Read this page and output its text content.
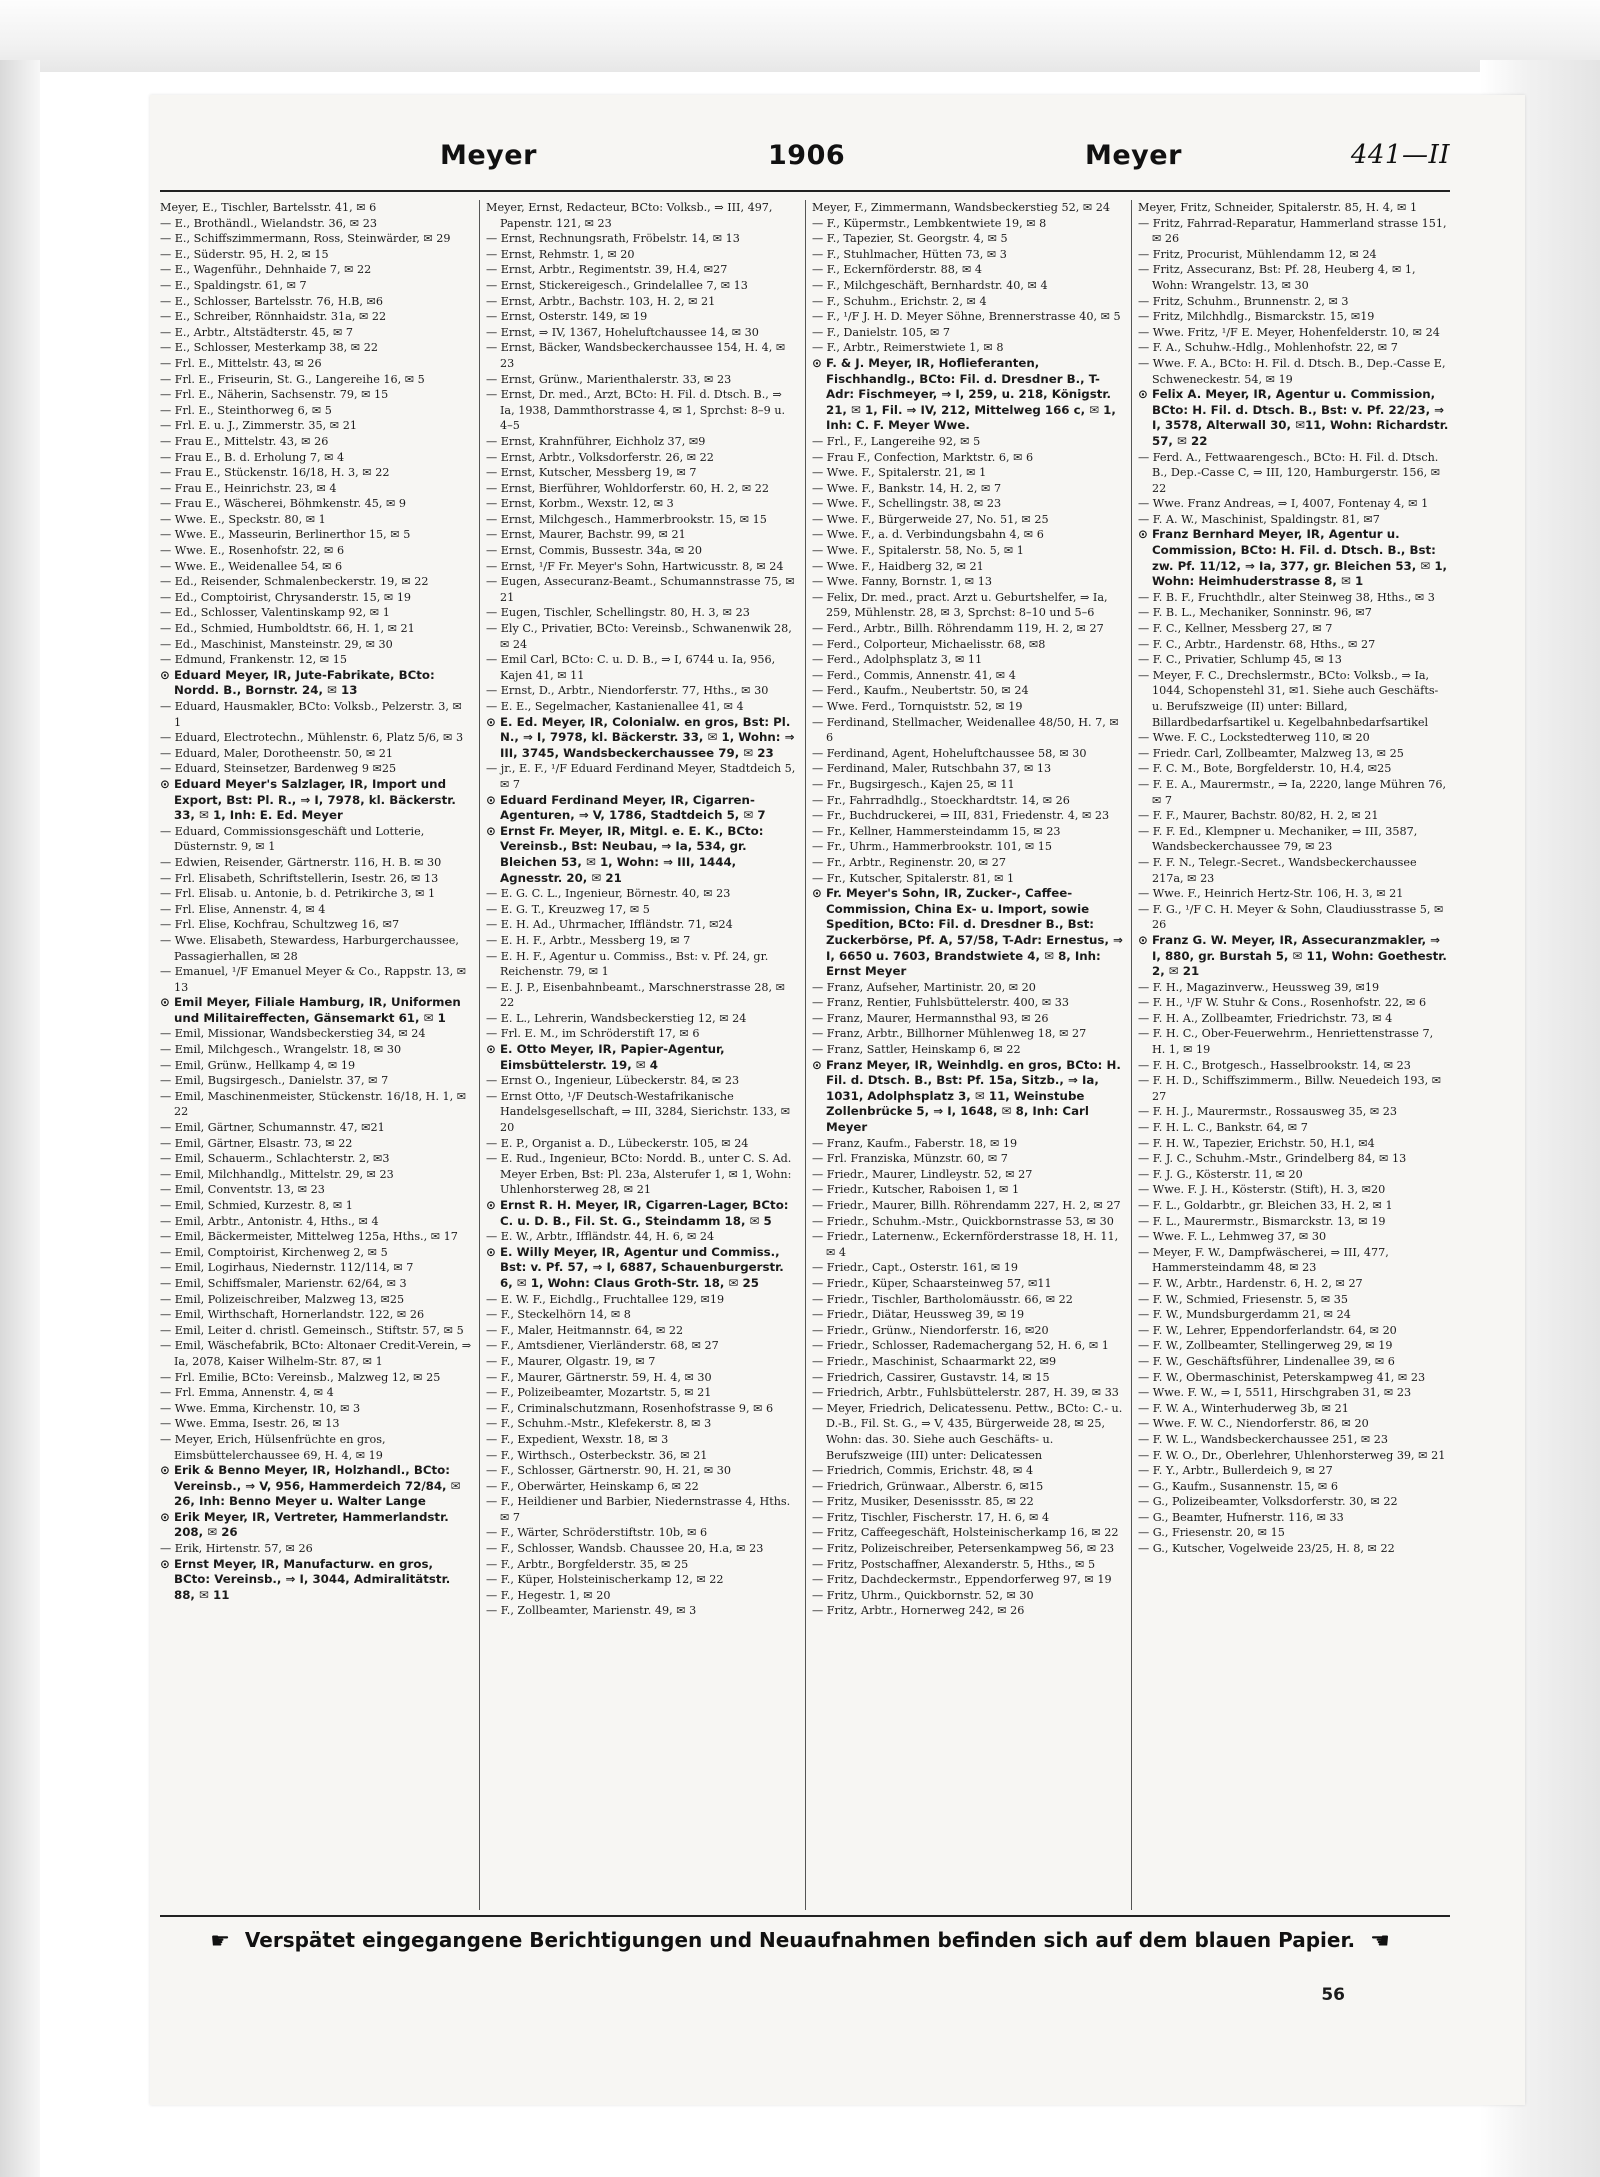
Meyer	1906	Meyer	441—II

Meyer, E., Tischler, Bartelsstr. 41, ✉ 6

— E., Brothändl., Wielandstr. 36, ✉ 23

— E., Schiffszimmermann, Ross, Steinwärder, ✉ 29

— E., Süderstr. 95, H. 2, ✉ 15

— E., Wagenführ., Dehnhaide 7, ✉ 22

— E., Spaldingstr. 61, ✉ 7

— E., Schlosser, Bartelsstr. 76, H.B, ✉6

— E., Schreiber, Rönnhaidstr. 31a, ✉ 22

— E., Arbtr., Altstädterstr. 45, ✉ 7

— E., Schlosser, Mesterkamp 38, ✉ 22

— Frl. E., Mittelstr. 43, ✉ 26

— Frl. E., Friseurin, St. G., Langereihe 16, ✉ 5

— Frl. E., Näherin, Sachsenstr. 79, ✉ 15

— Frl. E., Steinthorweg 6, ✉ 5

— Frl. E. u. J., Zimmerstr. 35, ✉ 21

— Frau E., Mittelstr. 43, ✉ 26

— Frau E., B. d. Erholung 7, ✉ 4

— Frau E., Stückenstr. 16/18, H. 3, ✉ 22

— Frau E., Heinrichstr. 23, ✉ 4

— Frau E., Wäscherei, Böhmkenstr. 45, ✉ 9

— Wwe. E., Speckstr. 80, ✉ 1

— Wwe. E., Masseurin, Berlinerthor 15, ✉ 5

— Wwe. E., Rosenhofstr. 22, ✉ 6

— Wwe. E., Weidenallee 54, ✉ 6

— Ed., Reisender, Schmalenbeckerstr. 19, ✉ 22

— Ed., Comptoirist, Chrysanderstr. 15, ✉ 19

— Ed., Schlosser, Valentinskamp 92, ✉ 1

— Ed., Schmied, Humboldtstr. 66, H. 1, ✉ 21

— Ed., Maschinist, Mansteinstr. 29, ✉ 30

— Edmund, Frankenstr. 12, ✉ 15

⊙ Eduard Meyer, IR, Jute-Fabrikate, BCto: Nordd. B., Bornstr. 24, ✉ 13

— Eduard, Hausmakler, BCto: Volksb., Pelzerstr. 3, ✉ 1

— Eduard, Electrotechn., Mühlenstr. 6, Platz 5/6, ✉ 3

— Eduard, Maler, Dorotheenstr. 50, ✉ 21

— Eduard, Steinsetzer, Bardenweg 9 ✉25

⊙ Eduard Meyer's Salzlager, IR, Import und Export, Bst: Pl. R., ⇒ I, 7978, kl. Bäckerstr. 33, ✉ 1, Inh: E. Ed. Meyer

— Eduard, Commissionsgeschäft und Lotterie, Düsternstr. 9, ✉ 1

— Edwien, Reisender, Gärtnerstr. 116, H. B. ✉ 30

— Frl. Elisabeth, Schriftstellerin, Isestr. 26, ✉ 13

— Frl. Elisab. u. Antonie, b. d. Petrikirche 3, ✉ 1

— Frl. Elise, Annenstr. 4, ✉ 4

— Frl. Elise, Kochfrau, Schultzweg 16, ✉7

— Wwe. Elisabeth, Stewardess, Harburgerchaussee, Passagierhallen, ✉ 28

— Emanuel, ¹/F Emanuel Meyer & Co., Rappstr. 13, ✉ 13

⊙ Emil Meyer, Filiale Hamburg, IR, Uniformen und Militaireffecten, Gänsemarkt 61, ✉ 1

— Emil, Missionar, Wandsbeckerstieg 34, ✉ 24

— Emil, Milchgesch., Wrangelstr. 18, ✉ 30

— Emil, Grünw., Hellkamp 4, ✉ 19

— Emil, Bugsirgesch., Danielstr. 37, ✉ 7

— Emil, Maschinenmeister, Stückenstr. 16/18, H. 1, ✉ 22

— Emil, Gärtner, Schumannstr. 47, ✉21

— Emil, Gärtner, Elsastr. 73, ✉ 22

— Emil, Schauerm., Schlachterstr. 2, ✉3

— Emil, Milchhandlg., Mittelstr. 29, ✉ 23

— Emil, Conventstr. 13, ✉ 23

— Emil, Schmied, Kurzestr. 8, ✉ 1

— Emil, Arbtr., Antonistr. 4, Hths., ✉ 4

— Emil, Bäckermeister, Mittelweg 125a, Hths., ✉ 17

— Emil, Comptoirist, Kirchenweg 2, ✉ 5

— Emil, Logirhaus, Niedernstr. 112/114, ✉ 7

— Emil, Schiffsmaler, Marienstr. 62/64, ✉ 3

— Emil, Polizeischreiber, Malzweg 13, ✉25

— Emil, Wirthschaft, Hornerlandstr. 122, ✉ 26

— Emil, Leiter d. christl. Gemeinsch., Stiftstr. 57, ✉ 5

— Emil, Wäschefabrik, BCto: Altonaer Credit-Verein, ⇒ Ia, 2078, Kaiser Wilhelm-Str. 87, ✉ 1

— Frl. Emilie, BCto: Vereinsb., Malzweg 12, ✉ 25

— Frl. Emma, Annenstr. 4, ✉ 4

— Wwe. Emma, Kirchenstr. 10, ✉ 3

— Wwe. Emma, Isestr. 26, ✉ 13

— Meyer, Erich, Hülsenfrüchte en gros, Eimsbüttelerchaussee 69, H. 4, ✉ 19

⊙ Erik & Benno Meyer, IR, Holzhandl., BCto: Vereinsb., ⇒ V, 956, Hammerdeich 72/84, ✉ 26, Inh: Benno Meyer u. Walter Lange

⊙ Erik Meyer, IR, Vertreter, Hammerlandstr. 208, ✉ 26

— Erik, Hirtenstr. 57, ✉ 26

⊙ Ernst Meyer, IR, Manufacturw. en gros, BCto: Vereinsb., ⇒ I, 3044, Admiralitätstr. 88, ✉ 11

Meyer, Ernst, Redacteur, BCto: Volksb., ⇒ III, 497, Papenstr. 121, ✉ 23

— Ernst, Rechnungsrath, Fröbelstr. 14, ✉ 13

— Ernst, Rehmstr. 1, ✉ 20

— Ernst, Arbtr., Regimentstr. 39, H.4, ✉27

— Ernst, Stickereigesch., Grindelallee 7, ✉ 13

— Ernst, Arbtr., Bachstr. 103, H. 2, ✉ 21

— Ernst, Osterstr. 149, ✉ 19

— Ernst, ⇒ IV, 1367, Hoheluftchaussee 14, ✉ 30

— Ernst, Bäcker, Wandsbeckerchaussee 154, H. 4, ✉ 23

— Ernst, Grünw., Marienthalerstr. 33, ✉ 23

— Ernst, Dr. med., Arzt, BCto: H. Fil. d. Dtsch. B., ⇒ Ia, 1938, Dammthorstrasse 4, ✉ 1, Sprchst: 8–9 u. 4–5

— Ernst, Krahnführer, Eichholz 37, ✉9

— Ernst, Arbtr., Volksdorferstr. 26, ✉ 22

— Ernst, Kutscher, Messberg 19, ✉ 7

— Ernst, Bierführer, Wohldorferstr. 60, H. 2, ✉ 22

— Ernst, Korbm., Wexstr. 12, ✉ 3

— Ernst, Milchgesch., Hammerbrookstr. 15, ✉ 15

— Ernst, Maurer, Bachstr. 99, ✉ 21

— Ernst, Commis, Bussestr. 34a, ✉ 20

— Ernst, ¹/F Fr. Meyer's Sohn, Hartwicusstr. 8, ✉ 24

— Eugen, Assecuranz-Beamt., Schumannstrasse 75, ✉ 21

— Eugen, Tischler, Schellingstr. 80, H. 3, ✉ 23

— Ely C., Privatier, BCto: Vereinsb., Schwanenwik 28, ✉ 24

— Emil Carl, BCto: C. u. D. B., ⇒ I, 6744 u. Ia, 956, Kajen 41, ✉ 11

— Ernst, D., Arbtr., Niendorferstr. 77, Hths., ✉ 30

— E. E., Segelmacher, Kastanienallee 41, ✉ 4

⊙ E. Ed. Meyer, IR, Colonialw. en gros, Bst: Pl. N., ⇒ I, 7978, kl. Bäckerstr. 33, ✉ 1, Wohn: ⇒ III, 3745, Wandsbeckerchaussee 79, ✉ 23

— jr., E. F., ¹/F Eduard Ferdinand Meyer, Stadtdeich 5, ✉ 7

⊙ Eduard Ferdinand Meyer, IR, Cigarren-Agenturen, ⇒ V, 1786, Stadtdeich 5, ✉ 7

⊙ Ernst Fr. Meyer, IR, Mitgl. e. E. K., BCto: Vereinsb., Bst: Neubau, ⇒ Ia, 534, gr. Bleichen 53, ✉ 1, Wohn: ⇒ III, 1444, Agnesstr. 20, ✉ 21

— E. G. C. L., Ingenieur, Börnestr. 40, ✉ 23

— E. G. T., Kreuzweg 17, ✉ 5

— E. H. Ad., Uhrmacher, Iffländstr. 71, ✉24

— E. H. F., Arbtr., Messberg 19, ✉ 7

— E. H. F., Agentur u. Commiss., Bst: v. Pf. 24, gr. Reichenstr. 79, ✉ 1

— E. J. P., Eisenbahnbeamt., Marschnerstrasse 28, ✉ 22

— E. L., Lehrerin, Wandsbeckerstieg 12, ✉ 24

— Frl. E. M., im Schröderstift 17, ✉ 6

⊙ E. Otto Meyer, IR, Papier-Agentur, Eimsbüttelerstr. 19, ✉ 4

— Ernst O., Ingenieur, Lübeckerstr. 84, ✉ 23

— Ernst Otto, ¹/F Deutsch-Westafrikanische Handelsgesellschaft, ⇒ III, 3284, Sierichstr. 133, ✉ 20

— E. P., Organist a. D., Lübeckerstr. 105, ✉ 24

— E. Rud., Ingenieur, BCto: Nordd. B., unter C. S. Ad. Meyer Erben, Bst: Pl. 23a, Alsterufer 1, ✉ 1, Wohn: Uhlenhorsterweg 28, ✉ 21

⊙ Ernst R. H. Meyer, IR, Cigarren-Lager, BCto: C. u. D. B., Fil. St. G., Steindamm 18, ✉ 5

— E. W., Arbtr., Iffländstr. 44, H. 6, ✉ 24

⊙ E. Willy Meyer, IR, Agentur und Commiss., Bst: v. Pf. 57, ⇒ I, 6887, Schauenburgerstr. 6, ✉ 1, Wohn: Claus Groth-Str. 18, ✉ 25

— E. W. F., Eichdlg., Fruchtallee 129, ✉19

— F., Steckelhörn 14, ✉ 8

— F., Maler, Heitmannstr. 64, ✉ 22

— F., Amtsdiener, Vierländerstr. 68, ✉ 27

— F., Maurer, Olgastr. 19, ✉ 7

— F., Maurer, Gärtnerstr. 59, H. 4, ✉ 30

— F., Polizeibeamter, Mozartstr. 5, ✉ 21

— F., Criminalschutzmann, Rosenhofstrasse 9, ✉ 6

— F., Schuhm.-Mstr., Klefekerstr. 8, ✉ 3

— F., Expedient, Wexstr. 18, ✉ 3

— F., Wirthsch., Osterbeckstr. 36, ✉ 21

— F., Schlosser, Gärtnerstr. 90, H. 21, ✉ 30

— F., Oberwärter, Heinskamp 6, ✉ 22

— F., Heildiener und Barbier, Niedernstrasse 4, Hths. ✉ 7

— F., Wärter, Schröderstiftstr. 10b, ✉ 6

— F., Schlosser, Wandsb. Chaussee 20, H.a, ✉ 23

— F., Arbtr., Borgfelderstr. 35, ✉ 25

— F., Küper, Holsteinischerkamp 12, ✉ 22

— F., Hegestr. 1, ✉ 20

— F., Zollbeamter, Marienstr. 49, ✉ 3

Meyer, F., Zimmermann, Wandsbeckerstieg 52, ✉ 24

— F., Küpermstr., Lembkentwiete 19, ✉ 8

— F., Tapezier, St. Georgstr. 4, ✉ 5

— F., Stuhlmacher, Hütten 73, ✉ 3

— F., Eckernförderstr. 88, ✉ 4

— F., Milchgeschäft, Bernhardstr. 40, ✉ 4

— F., Schuhm., Erichstr. 2, ✉ 4

— F., ¹/F J. H. D. Meyer Söhne, Brennerstrasse 40, ✉ 5

— F., Danielstr. 105, ✉ 7

— F., Arbtr., Reimerstwiete 1, ✉ 8

⊙ F. & J. Meyer, IR, Hoflieferanten, Fischhandlg., BCto: Fil. d. Dresdner B., T-Adr: Fischmeyer, ⇒ I, 259, u. 218, Königstr. 21, ✉ 1, Fil. ⇒ IV, 212, Mittelweg 166 c, ✉ 1, Inh: C. F. Meyer Wwe.

— Frl., F., Langereihe 92, ✉ 5

— Frau F., Confection, Marktstr. 6, ✉ 6

— Wwe. F., Spitalerstr. 21, ✉ 1

— Wwe. F., Bankstr. 14, H. 2, ✉ 7

— Wwe. F., Schellingstr. 38, ✉ 23

— Wwe. F., Bürgerweide 27, No. 51, ✉ 25

— Wwe. F., a. d. Verbindungsbahn 4, ✉ 6

— Wwe. F., Spitalerstr. 58, No. 5, ✉ 1

— Wwe. F., Haidberg 32, ✉ 21

— Wwe. Fanny, Bornstr. 1, ✉ 13

— Felix, Dr. med., pract. Arzt u. Geburtshelfer, ⇒ Ia, 259, Mühlenstr. 28, ✉ 3, Sprchst: 8–10 und 5–6

— Ferd., Arbtr., Billh. Röhrendamm 119, H. 2, ✉ 27

— Ferd., Colporteur, Michaelisstr. 68, ✉8

— Ferd., Adolphsplatz 3, ✉ 11

— Ferd., Commis, Annenstr. 41, ✉ 4

— Ferd., Kaufm., Neubertstr. 50, ✉ 24

— Wwe. Ferd., Tornquiststr. 52, ✉ 19

— Ferdinand, Stellmacher, Weidenallee 48/50, H. 7, ✉ 6

— Ferdinand, Agent, Hoheluftchaussee 58, ✉ 30

— Ferdinand, Maler, Rutschbahn 37, ✉ 13

— Fr., Bugsirgesch., Kajen 25, ✉ 11

— Fr., Fahrradhdlg., Stoeckhardtstr. 14, ✉ 26

— Fr., Buchdruckerei, ⇒ III, 831, Friedenstr. 4, ✉ 23

— Fr., Kellner, Hammersteindamm 15, ✉ 23

— Fr., Uhrm., Hammerbrookstr. 101, ✉ 15

— Fr., Arbtr., Reginenstr. 20, ✉ 27

— Fr., Kutscher, Spitalerstr. 81, ✉ 1

⊙ Fr. Meyer's Sohn, IR, Zucker-, Caffee-Commission, China Ex- u. Import, sowie Spedition, BCto: Fil. d. Dresdner B., Bst: Zuckerbörse, Pf. A, 57/58, T-Adr: Ernestus, ⇒ I, 6650 u. 7603, Brandstwiete 4, ✉ 8, Inh: Ernst Meyer

— Franz, Aufseher, Martinistr. 20, ✉ 20

— Franz, Rentier, Fuhlsbüttelerstr. 400, ✉ 33

— Franz, Maurer, Hermannsthal 93, ✉ 26

— Franz, Arbtr., Billhorner Mühlenweg 18, ✉ 27

— Franz, Sattler, Heinskamp 6, ✉ 22

⊙ Franz Meyer, IR, Weinhdlg. en gros, BCto: H. Fil. d. Dtsch. B., Bst: Pf. 15a, Sitzb., ⇒ Ia, 1031, Adolphsplatz 3, ✉ 11, Weinstube Zollenbrücke 5, ⇒ I, 1648, ✉ 8, Inh: Carl Meyer

— Franz, Kaufm., Faberstr. 18, ✉ 19

— Frl. Franziska, Münzstr. 60, ✉ 7

— Friedr., Maurer, Lindleystr. 52, ✉ 27

— Friedr., Kutscher, Raboisen 1, ✉ 1

— Friedr., Maurer, Billh. Röhrendamm 227, H. 2, ✉ 27

— Friedr., Schuhm.-Mstr., Quickbornstrasse 53, ✉ 30

— Friedr., Laternenw., Eckernförderstrasse 18, H. 11, ✉ 4

— Friedr., Capt., Osterstr. 161, ✉ 19

— Friedr., Küper, Schaarsteinweg 57, ✉11

— Friedr., Tischler, Bartholomäusstr. 66, ✉ 22

— Friedr., Diätar, Heussweg 39, ✉ 19

— Friedr., Grünw., Niendorferstr. 16, ✉20

— Friedr., Schlosser, Rademachergang 52, H. 6, ✉ 1

— Friedr., Maschinist, Schaarmarkt 22, ✉9

— Friedrich, Cassirer, Gustavstr. 14, ✉ 15

— Friedrich, Arbtr., Fuhlsbüttelerstr. 287, H. 39, ✉ 33

— Meyer, Friedrich, Delicatessenu. Pettw., BCto: C.- u. D.-B., Fil. St. G., ⇒ V, 435, Bürgerweide 28, ✉ 25, Wohn: das. 30. Siehe auch Geschäfts- u. Berufszweige (III) unter: Delicatessen

— Friedrich, Commis, Erichstr. 48, ✉ 4

— Friedrich, Grünwaar., Alberstr. 6, ✉15

— Fritz, Musiker, Desenissstr. 85, ✉ 22

— Fritz, Tischler, Fischerstr. 17, H. 6, ✉ 4

— Fritz, Caffeegeschäft, Holsteinischerkamp 16, ✉ 22

— Fritz, Polizeischreiber, Petersenkampweg 56, ✉ 23

— Fritz, Postschaffner, Alexanderstr. 5, Hths., ✉ 5

— Fritz, Dachdeckermstr., Eppendorferweg 97, ✉ 19

— Fritz, Uhrm., Quickbornstr. 52, ✉ 30

— Fritz, Arbtr., Hornerweg 242, ✉ 26

Meyer, Fritz, Schneider, Spitalerstr. 85, H. 4, ✉ 1

— Fritz, Fahrrad-Reparatur, Hammerland strasse 151, ✉ 26

— Fritz, Procurist, Mühlendamm 12, ✉ 24

— Fritz, Assecuranz, Bst: Pf. 28, Heuberg 4, ✉ 1, Wohn: Wrangelstr. 13, ✉ 30

— Fritz, Schuhm., Brunnenstr. 2, ✉ 3

— Fritz, Milchhdlg., Bismarckstr. 15, ✉19

— Wwe. Fritz, ¹/F E. Meyer, Hohenfelderstr. 10, ✉ 24

— F. A., Schuhw.-Hdlg., Mohlenhofstr. 22, ✉ 7

— Wwe. F. A., BCto: H. Fil. d. Dtsch. B., Dep.-Casse E, Schweneckestr. 54, ✉ 19

⊙ Felix A. Meyer, IR, Agentur u. Commission, BCto: H. Fil. d. Dtsch. B., Bst: v. Pf. 22/23, ⇒ I, 3578, Alterwall 30, ✉11, Wohn: Richardstr. 57, ✉ 22

— Ferd. A., Fettwaarengesch., BCto: H. Fil. d. Dtsch. B., Dep.-Casse C, ⇒ III, 120, Hamburgerstr. 156, ✉ 22

— Wwe. Franz Andreas, ⇒ I, 4007, Fontenay 4, ✉ 1

— F. A. W., Maschinist, Spaldingstr. 81, ✉7

⊙ Franz Bernhard Meyer, IR, Agentur u. Commission, BCto: H. Fil. d. Dtsch. B., Bst: zw. Pf. 11/12, ⇒ Ia, 377, gr. Bleichen 53, ✉ 1, Wohn: Heimhuderstrasse 8, ✉ 1

— F. B. F., Fruchthdlr., alter Steinweg 38, Hths., ✉ 3

— F. B. L., Mechaniker, Sonninstr. 96, ✉7

— F. C., Kellner, Messberg 27, ✉ 7

— F. C., Arbtr., Hardenstr. 68, Hths., ✉ 27

— F. C., Privatier, Schlump 45, ✉ 13

— Meyer, F. C., Drechslermstr., BCto: Volksb., ⇒ Ia, 1044, Schopenstehl 31, ✉1. Siehe auch Geschäfts- u. Berufszweige (II) unter: Billard, Billardbedarfsartikel u. Kegelbahnbedarfsartikel

— Wwe. F. C., Lockstedterweg 110, ✉ 20

— Friedr. Carl, Zollbeamter, Malzweg 13, ✉ 25

— F. C. M., Bote, Borgfelderstr. 10, H.4, ✉25

— F. E. A., Maurermstr., ⇒ Ia, 2220, lange Mühren 76, ✉ 7

— F. F., Maurer, Bachstr. 80/82, H. 2, ✉ 21

— F. F. Ed., Klempner u. Mechaniker, ⇒ III, 3587, Wandsbeckerchaussee 79, ✉ 23

— F. F. N., Telegr.-Secret., Wandsbeckerchaussee 217a, ✉ 23

— Wwe. F., Heinrich Hertz-Str. 106, H. 3, ✉ 21

— F. G., ¹/F C. H. Meyer & Sohn, Claudiusstrasse 5, ✉ 26

⊙ Franz G. W. Meyer, IR, Assecuranzmakler, ⇒ I, 880, gr. Burstah 5, ✉ 11, Wohn: Goethestr. 2, ✉ 21

— F. H., Magazinverw., Heussweg 39, ✉19

— F. H., ¹/F W. Stuhr & Cons., Rosenhofstr. 22, ✉ 6

— F. H. A., Zollbeamter, Friedrichstr. 73, ✉ 4

— F. H. C., Ober-Feuerwehrm., Henriettenstrasse 7, H. 1, ✉ 19

— F. H. C., Brotgesch., Hasselbrookstr. 14, ✉ 23

— F. H. D., Schiffszimmerm., Billw. Neuedeich 193, ✉ 27

— F. H. J., Maurermstr., Rossausweg 35, ✉ 23

— F. H. L. C., Bankstr. 64, ✉ 7

— F. H. W., Tapezier, Erichstr. 50, H.1, ✉4

— F. J. C., Schuhm.-Mstr., Grindelberg 84, ✉ 13

— F. J. G., Kösterstr. 11, ✉ 20

— Wwe. F. J. H., Kösterstr. (Stift), H. 3, ✉20

— F. L., Goldarbtr., gr. Bleichen 33, H. 2, ✉ 1

— F. L., Maurermstr., Bismarckstr. 13, ✉ 19

— Wwe. F. L., Lehmweg 37, ✉ 30

— Meyer, F. W., Dampfwäscherei, ⇒ III, 477, Hammersteindamm 48, ✉ 23

— F. W., Arbtr., Hardenstr. 6, H. 2, ✉ 27

— F. W., Schmied, Friesenstr. 5, ✉ 35

— F. W., Mundsburgerdamm 21, ✉ 24

— F. W., Lehrer, Eppendorferlandstr. 64, ✉ 20

— F. W., Zollbeamter, Stellingerweg 29, ✉ 19

— F. W., Geschäftsführer, Lindenallee 39, ✉ 6

— F. W., Obermaschinist, Peterskampweg 41, ✉ 23

— Wwe. F. W., ⇒ I, 5511, Hirschgraben 31, ✉ 23

— F. W. A., Winterhuderweg 3b, ✉ 21

— Wwe. F. W. C., Niendorferstr. 86, ✉ 20

— F. W. L., Wandsbeckerchaussee 251, ✉ 23

— F. W. O., Dr., Oberlehrer, Uhlenhorsterweg 39, ✉ 21

— F. Y., Arbtr., Bullerdeich 9, ✉ 27

— G., Kaufm., Susannenstr. 15, ✉ 6

— G., Polizeibeamter, Volksdorferstr. 30, ✉ 22

— G., Beamter, Hufnerstr. 116, ✉ 33

— G., Friesenstr. 20, ✉ 15

— G., Kutscher, Vogelweide 23/25, H. 8, ✉ 22

☛ Verspätet eingegangene Berichtigungen und Neuaufnahmen befinden sich auf dem blauen Papier. ☚
56
